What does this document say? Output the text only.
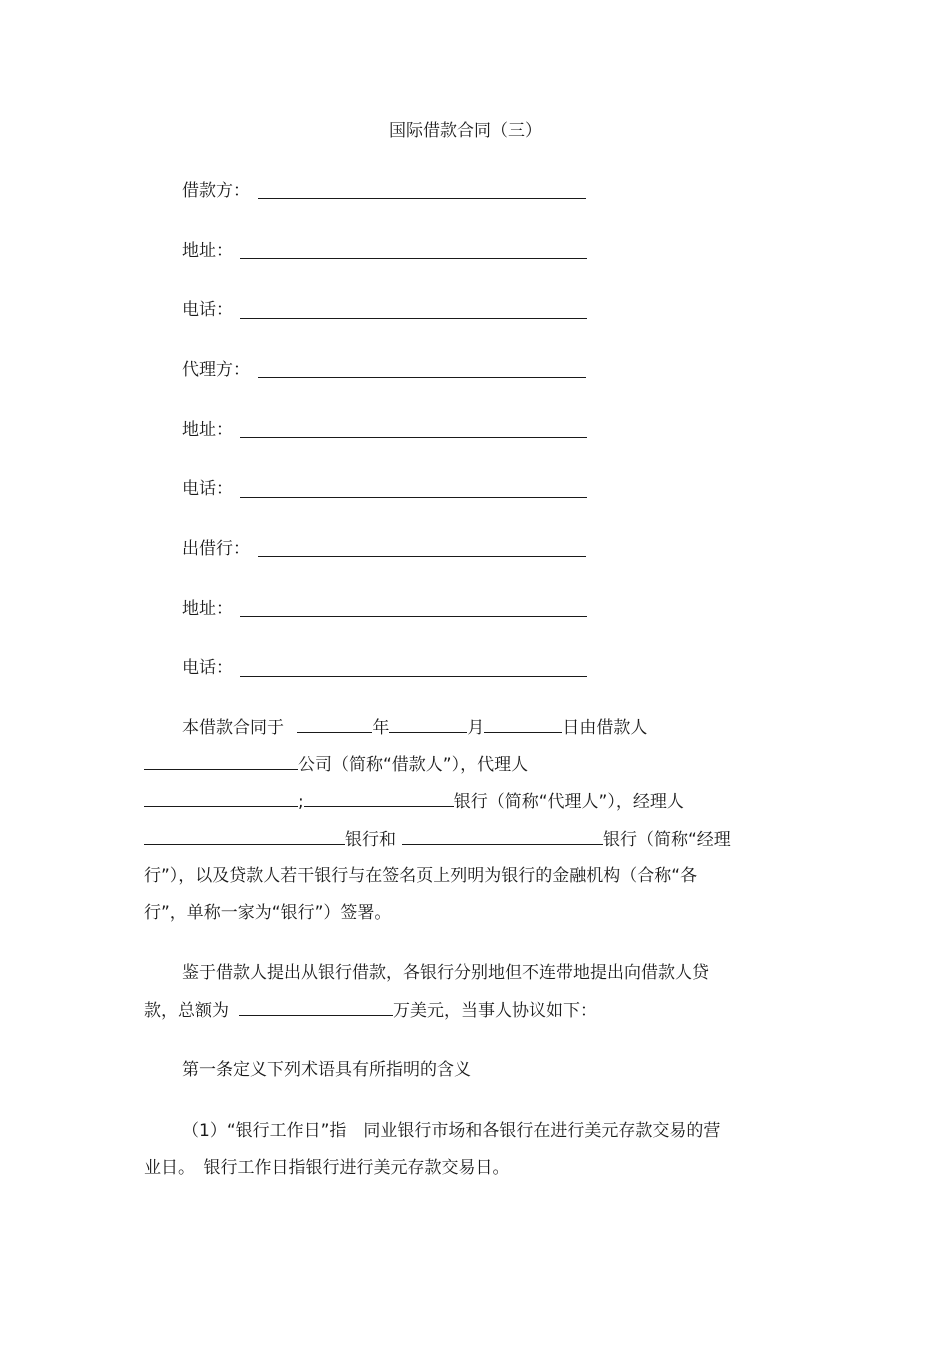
国际借款合同（三）
借款方：
地址：
电话：
代理方：
地址：
电话：
出借行：
地址：
电话：
本借款合同于	年	月	日由借款人
公司（简称“借款人”），代理人
;	银行（简称“代理人”），经理人
银行和	银行（简称“经理
行”），以及贷款人若干银行与在签名页上列明为银行的金融机构（合称“各
行”，单称一家为“银行”）签署。
鉴于借款人提出从银行借款，各银行分别地但不连带地提出向借款人贷
款，总额为	万美元，当事人协议如下：
第一条定义下列术语具有所指明的含义
（1）“银行工作日”指　同业银行市场和各银行在进行美元存款交易的营
业日。　银行工作日指银行进行美元存款交易日。
